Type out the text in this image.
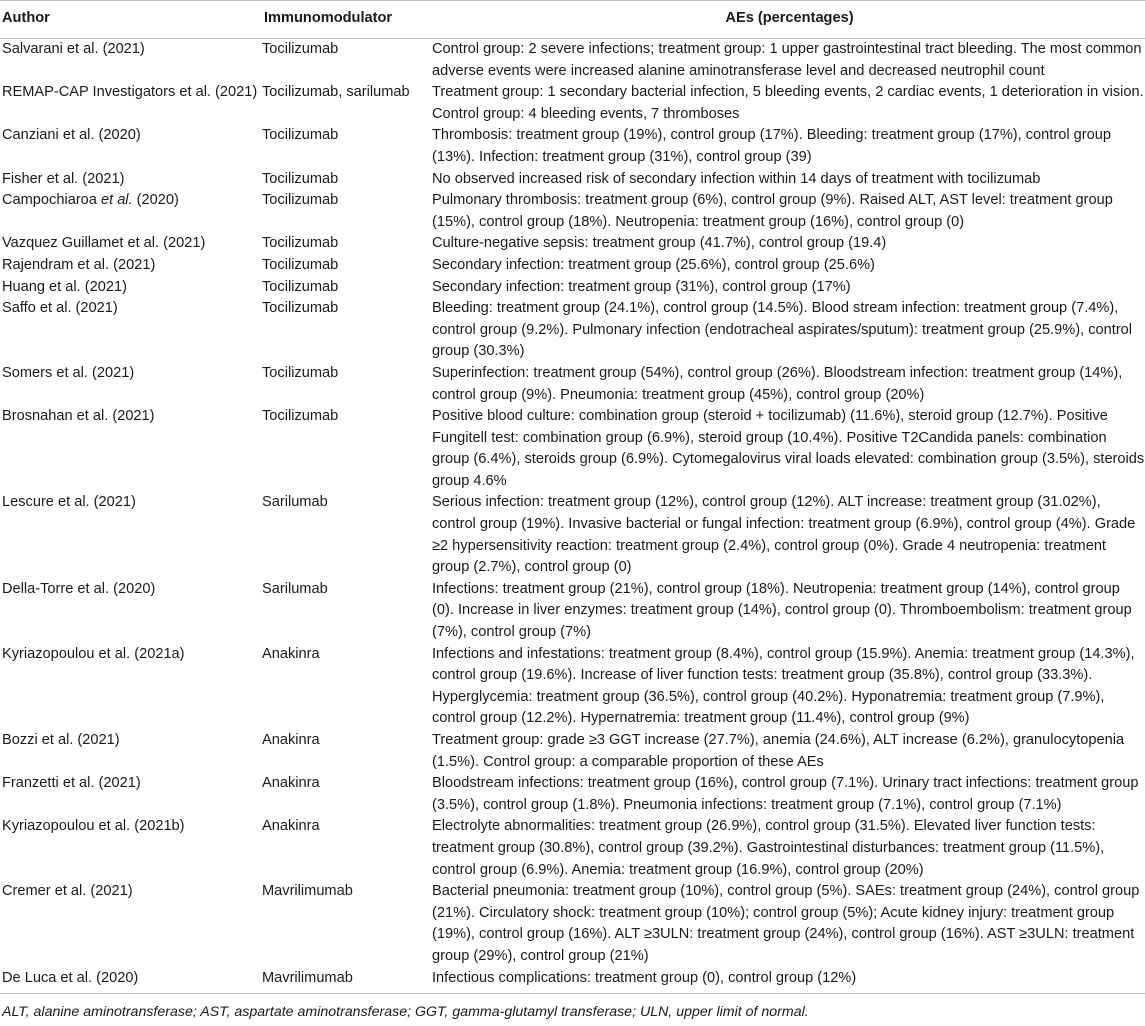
Author	Immunomodulator	AEs (percentages)
Salvarani et al. (2021)	Tocilizumab	Control group: 2 severe infections; treatment group: 1 upper gastrointestinal tract bleeding. The most common adverse events were increased alanine aminotransferase level and decreased neutrophil count
REMAP-CAP Investigators et al. (2021)	Tocilizumab, sarilumab	Treatment group: 1 secondary bacterial infection, 5 bleeding events, 2 cardiac events, 1 deterioration in vision. Control group: 4 bleeding events, 7 thromboses
Canziani et al. (2020)	Tocilizumab	Thrombosis: treatment group (19%), control group (17%). Bleeding: treatment group (17%), control group (13%). Infection: treatment group (31%), control group (39)
Fisher et al. (2021)	Tocilizumab	No observed increased risk of secondary infection within 14 days of treatment with tocilizumab
Campochiaroa et al. (2020)	Tocilizumab	Pulmonary thrombosis: treatment group (6%), control group (9%). Raised ALT, AST level: treatment group (15%), control group (18%). Neutropenia: treatment group (16%), control group (0)
Vazquez Guillamet et al. (2021)	Tocilizumab	Culture-negative sepsis: treatment group (41.7%), control group (19.4)
Rajendram et al. (2021)	Tocilizumab	Secondary infection: treatment group (25.6%), control group (25.6%)
Huang et al. (2021)	Tocilizumab	Secondary infection: treatment group (31%), control group (17%)
Saffo et al. (2021)	Tocilizumab	Bleeding: treatment group (24.1%), control group (14.5%). Blood stream infection: treatment group (7.4%), control group (9.2%). Pulmonary infection (endotracheal aspirates/sputum): treatment group (25.9%), control group (30.3%)
Somers et al. (2021)	Tocilizumab	Superinfection: treatment group (54%), control group (26%). Bloodstream infection: treatment group (14%), control group (9%). Pneumonia: treatment group (45%), control group (20%)
Brosnahan et al. (2021)	Tocilizumab	Positive blood culture: combination group (steroid + tocilizumab) (11.6%), steroid group (12.7%). Positive Fungitell test: combination group (6.9%), steroid group (10.4%). Positive T2Candida panels: combination group (6.4%), steroids group (6.9%). Cytomegalovirus viral loads elevated: combination group (3.5%), steroids group 4.6%
Lescure et al. (2021)	Sarilumab	Serious infection: treatment group (12%), control group (12%). ALT increase: treatment group (31.02%), control group (19%). Invasive bacterial or fungal infection: treatment group (6.9%), control group (4%). Grade ≥2 hypersensitivity reaction: treatment group (2.4%), control group (0%). Grade 4 neutropenia: treatment group (2.7%), control group (0)
Della-Torre et al. (2020)	Sarilumab	Infections: treatment group (21%), control group (18%). Neutropenia: treatment group (14%), control group (0). Increase in liver enzymes: treatment group (14%), control group (0). Thromboembolism: treatment group (7%), control group (7%)
Kyriazopoulou et al. (2021a)	Anakinra	Infections and infestations: treatment group (8.4%), control group (15.9%). Anemia: treatment group (14.3%), control group (19.6%). Increase of liver function tests: treatment group (35.8%), control group (33.3%). Hyperglycemia: treatment group (36.5%), control group (40.2%). Hyponatremia: treatment group (7.9%), control group (12.2%). Hypernatremia: treatment group (11.4%), control group (9%)
Bozzi et al. (2021)	Anakinra	Treatment group: grade ≥3 GGT increase (27.7%), anemia (24.6%), ALT increase (6.2%), granulocytopenia (1.5%). Control group: a comparable proportion of these AEs
Franzetti et al. (2021)	Anakinra	Bloodstream infections: treatment group (16%), control group (7.1%). Urinary tract infections: treatment group (3.5%), control group (1.8%). Pneumonia infections: treatment group (7.1%), control group (7.1%)
Kyriazopoulou et al. (2021b)	Anakinra	Electrolyte abnormalities: treatment group (26.9%), control group (31.5%). Elevated liver function tests: treatment group (30.8%), control group (39.2%). Gastrointestinal disturbances: treatment group (11.5%), control group (6.9%). Anemia: treatment group (16.9%), control group (20%)
Cremer et al. (2021)	Mavrilimumab	Bacterial pneumonia: treatment group (10%), control group (5%). SAEs: treatment group (24%), control group (21%). Circulatory shock: treatment group (10%); control group (5%); Acute kidney injury: treatment group (19%), control group (16%). ALT ≥3ULN: treatment group (24%), control group (16%). AST ≥3ULN: treatment group (29%), control group (21%)
De Luca et al. (2020)	Mavrilimumab	Infectious complications: treatment group (0), control group (12%)
ALT, alanine aminotransferase; AST, aspartate aminotransferase; GGT, gamma-glutamyl transferase; ULN, upper limit of normal.
